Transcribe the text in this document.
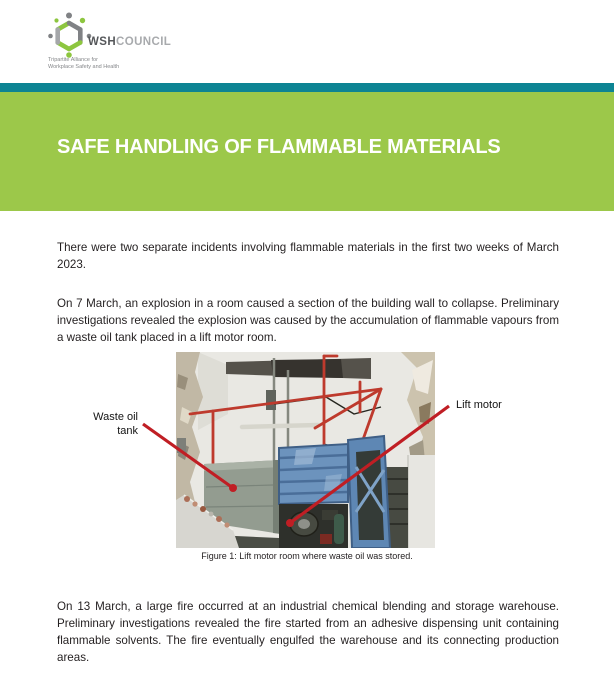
WSHCOUNCIL
Tripartite Alliance for
Workplace Safety and Health
SAFE HANDLING OF FLAMMABLE MATERIALS

There were two separate incidents involving flammable materials in the first two weeks of March 2023.

On 7 March, an explosion in a room caused a section of the building wall to collapse. Preliminary investigations revealed the explosion was caused by the accumulation of flammable vapours from a waste oil tank placed in a lift motor room.

Waste oil
tank
Lift motor
Figure 1: Lift motor room where waste oil was stored.

On 13 March, a large fire occurred at an industrial chemical blending and storage warehouse. Preliminary investigations revealed the fire started from an adhesive dispensing unit containing flammable solvents. The fire eventually engulfed the warehouse and its connecting production areas.
